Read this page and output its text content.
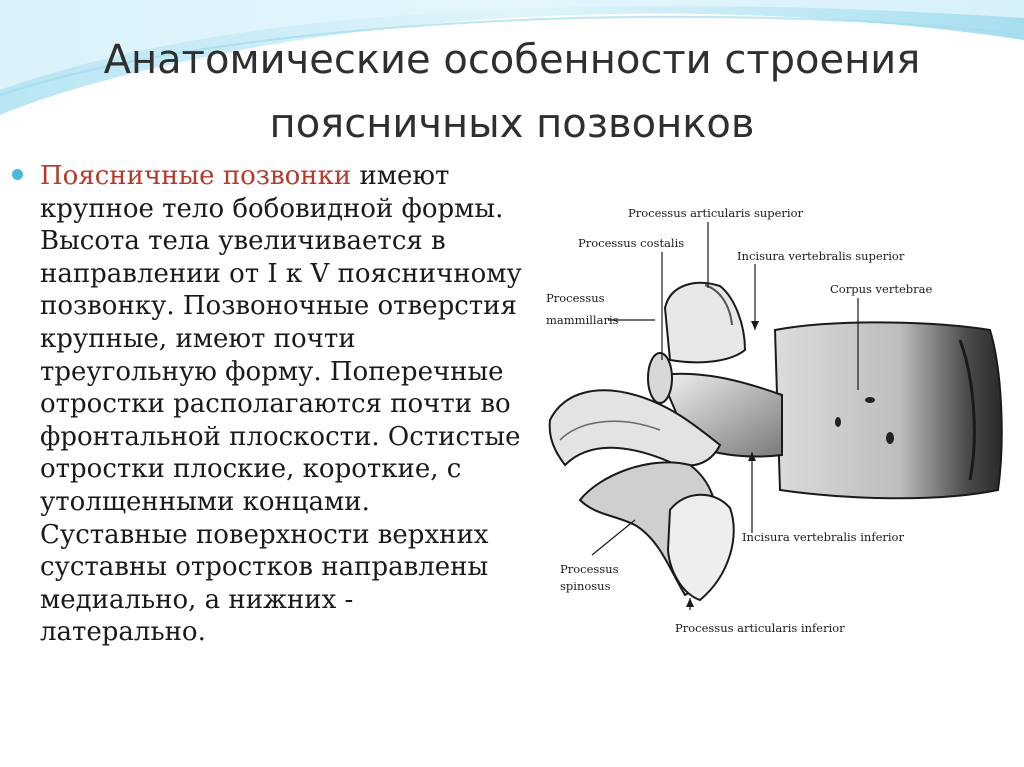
Анатомические особенности строения
поясничных позвонков
Поясничные позвонки имеют крупное тело бобовидной формы. Высота тела увеличивается в направлении от I к V поясничному позвонку. Позвоночные отверстия крупные, имеют почти треугольную форму. Поперечные отростки располагаются почти во фронтальной плоскости. Остистые отростки плоские, короткие, с утолщенными концами. Суставные поверхности верхних суставны отростков направлены медиально, а нижних - латерально.
Processus articularis superior
Processus costalis
Incisura vertebralis superior
Corpus vertebrae
Processus
mammillaris
Incisura vertebralis inferior
Processus
spinosus
Processus articularis inferior
